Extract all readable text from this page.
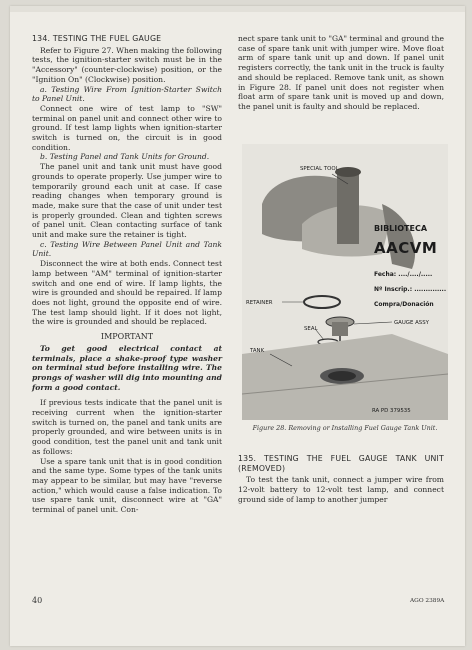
134. TESTING THE FUEL GAUGE

Refer to Figure 27. When making the following tests, the ignition-starter switch must be in the "Accessory" (counter-clockwise) position, or the "Ignition On" (Clockwise) position.

a. Testing Wire From Ignition-Starter Switch to Panel Unit.

Connect one wire of test lamp to "SW" terminal on panel unit and connect other wire to ground. If test lamp lights when ignition-starter switch is turned on, the circuit is in good condition.

b. Testing Panel and Tank Units for Ground.

The panel unit and tank unit must have good grounds to operate properly. Use jumper wire to temporarily ground each unit at case. If case reading changes when temporary ground is made, make sure that the case of unit under test is properly grounded. Clean and tighten screws of panel unit. Clean contacting surface of tank unit and make sure the retainer is tight.

c. Testing Wire Between Panel Unit and Tank Unit.

Disconnect the wire at both ends. Connect test lamp between "AM" terminal of ignition-starter switch and one end of wire. If lamp lights, the wire is grounded and should be repaired. If lamp does not light, ground the opposite end of wire. The test lamp should light. If it does not light, the wire is grounded and should be replaced.

IMPORTANT

To get good electrical contact at terminals, place a shake-proof type washer on terminal stud before installing wire. The prongs of washer will dig into mounting and form a good contact.

If previous tests indicate that the panel unit is receiving current when the ignition-starter switch is turned on, the panel and tank units are properly grounded, and wire between units is in good condition, test the panel unit and tank unit as follows:

Use a spare tank unit that is in good condition and the same type. Some types of the tank units may appear to be similar, but may have "reverse action," which would cause a false indication. To use spare tank unit, disconnect wire at "GA" terminal of panel unit. Con-

nect spare tank unit to "GA" terminal and ground the case of spare tank unit with jumper wire. Move float arm of spare tank unit up and down. If panel unit registers correctly, the tank unit in the truck is faulty and should be replaced. Remove tank unit, as shown in Figure 28. If panel unit does not register when float arm of spare tank unit is moved up and down, the panel unit is faulty and should be replaced.

SPECIAL TOOL
RETAINER
GAUGE ASSY
SEAL
TANK
RA PD 379535
BIBLIOTECA
AACVM
Fecha: ..../..../.....
Nº Inscrip.: ..............
Compra/Donación
Figure 28. Removing or Installing Fuel Gauge Tank Unit.

135. TESTING THE FUEL GAUGE TANK UNIT (REMOVED)

To test the tank unit, connect a jumper wire from 12-volt battery to 12-volt test lamp, and connect ground side of lamp to another jumper

40	AGO 2389A
